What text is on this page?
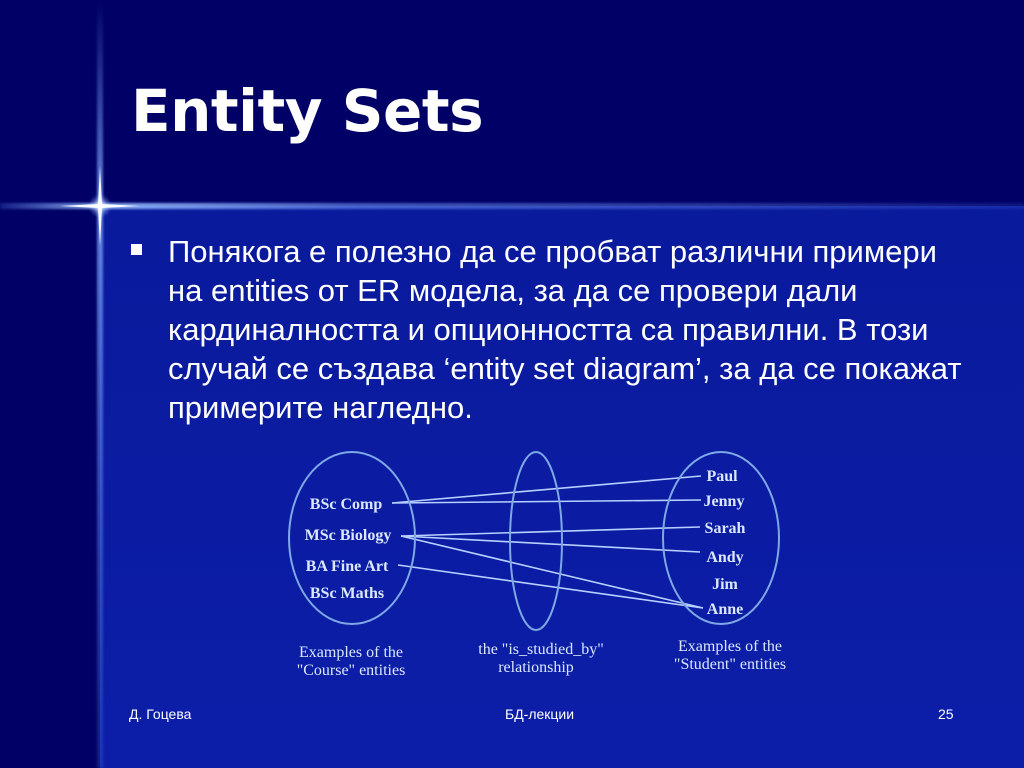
Entity Sets

Понякога е полезно да се пробват различни примери на entities от ER модела, за да се провери дали кардиналността и опционността са правилни. В този случай се създава ‘entity set diagram’, за да се покажат примерите нагледно.

BSc Comp
MSc Biology
BA Fine Art
BSc Maths
Paul
Jenny
Sarah
Andy
Jim
Anne
Examples of the
"Course" entities
the "is_studied_by"
relationship
Examples of the
"Student" entities
Д. Гоцева	БД-лекции	25
